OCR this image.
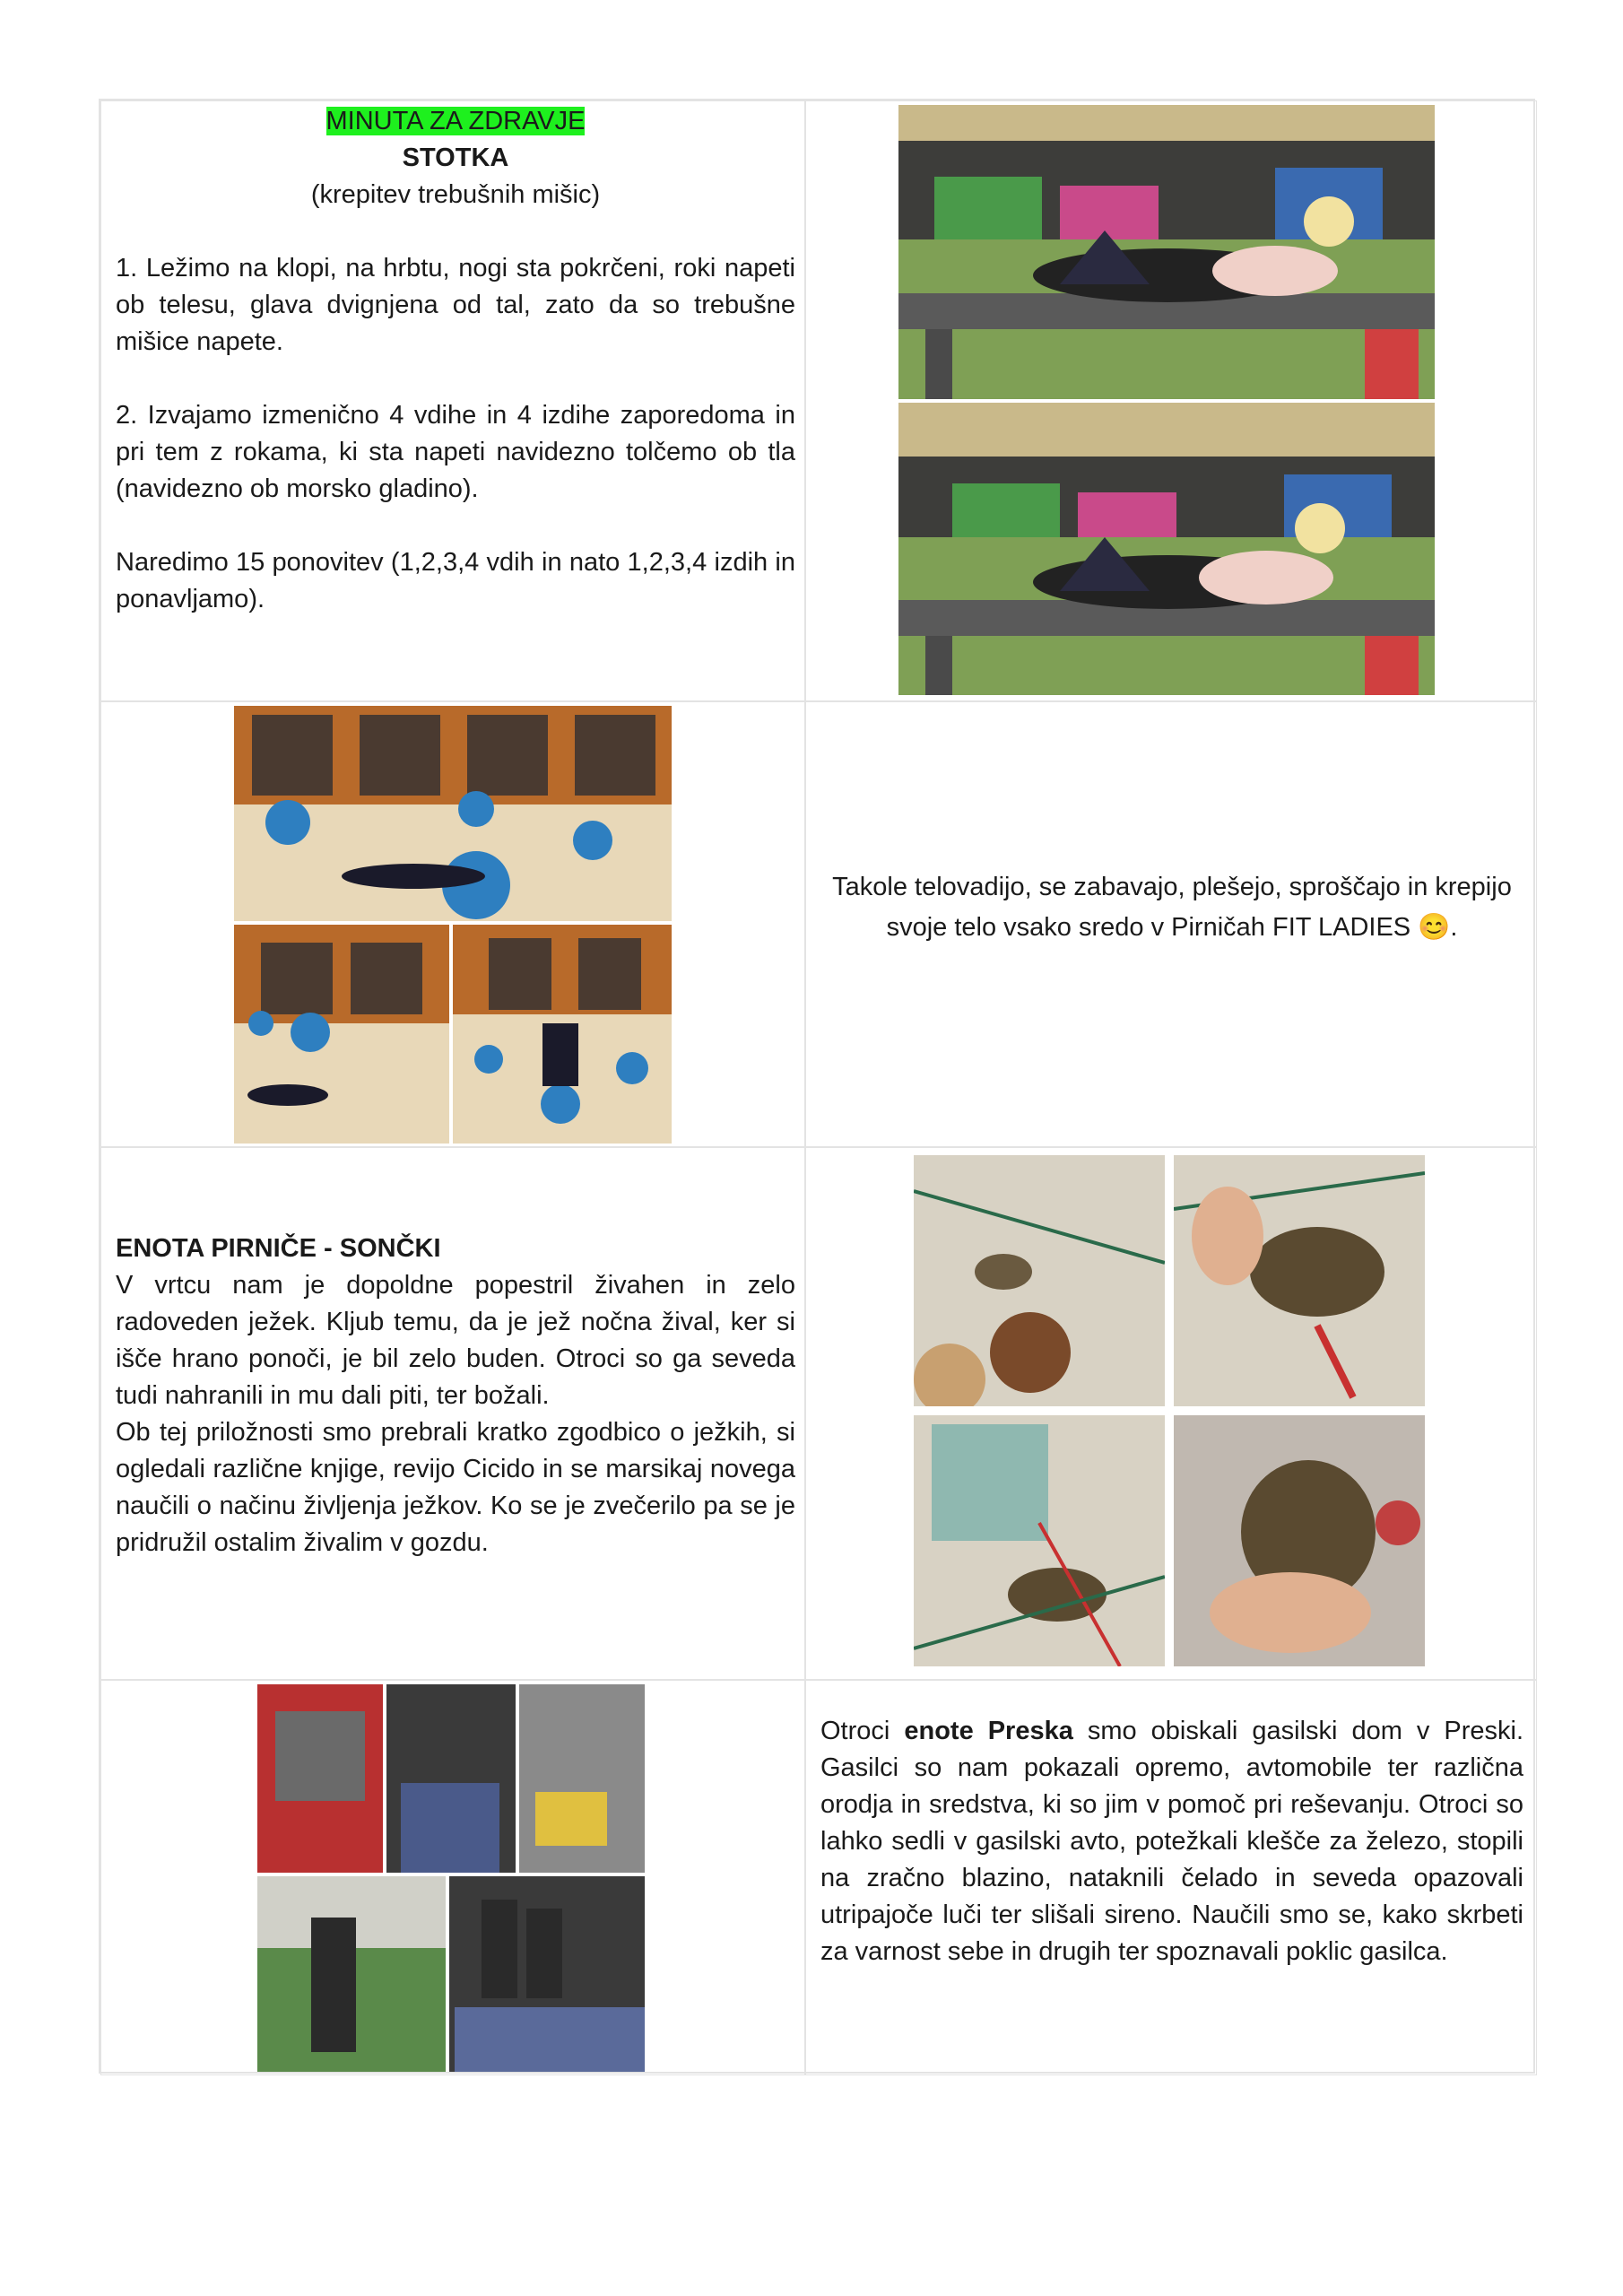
MINUTA ZA ZDRAVJE
STOTKA
(krepitev trebušnih mišic)

1. Ležimo na klopi, na hrbtu, nogi sta pokrčeni, roki napeti ob telesu, glava dvignjena od tal, zato da so trebušne mišice napete.

2. Izvajamo izmenično 4 vdihe in 4 izdihe zaporedoma in pri tem z rokama, ki sta napeti navidezno tolčemo ob tla (navidezno ob morsko gladino).

Naredimo 15 ponovitev (1,2,3,4 vdih in nato 1,2,3,4 izdih in ponavljamo).

Takole telovadijo, se zabavajo, plešejo, sproščajo in krepijo svoje telo vsako sredo v Pirničah FIT LADIES 😊.
ENOTA PIRNIČE - SONČKI

V vrtcu nam je dopoldne popestril živahen in zelo radoveden ježek. Kljub temu, da je jež nočna žival, ker si išče hrano ponoči, je bil zelo buden. Otroci so ga seveda tudi nahranili in mu dali piti, ter božali.

Ob tej priložnosti smo prebrali kratko zgodbico o ježkih, si ogledali različne knjige, revijo Cicido in se marsikaj novega naučili o načinu življenja ježkov. Ko se je zvečerilo pa se je pridružil ostalim živalim v gozdu.

Otroci enote Preska smo obiskali gasilski dom v Preski. Gasilci so nam pokazali opremo, avtomobile ter različna orodja in sredstva, ki so jim v pomoč pri reševanju. Otroci so lahko sedli v gasilski avto, potežkali klešče za železo, stopili na zračno blazino, nataknili čelado in seveda opazovali utripajoče luči ter slišali sireno. Naučili smo se, kako skrbeti za varnost sebe in drugih ter spoznavali poklic gasilca.
